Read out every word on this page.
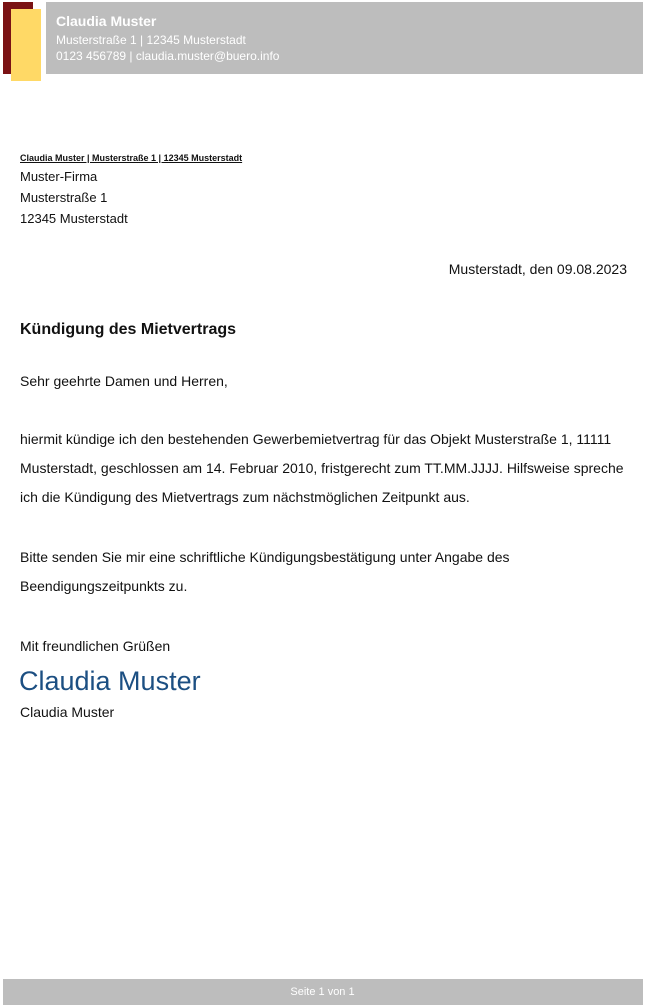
Claudia Muster
Musterstraße 1 | 12345 Musterstadt
0123 456789 | claudia.muster@buero.info
Claudia Muster | Musterstraße 1 | 12345 Musterstadt
Muster-Firma
Musterstraße 1
12345 Musterstadt
Musterstadt, den 09.08.2023
Kündigung des Mietvertrags
Sehr geehrte Damen und Herren,
hiermit kündige ich den bestehenden Gewerbemietvertrag für das Objekt Musterstraße 1, 11111 Musterstadt, geschlossen am 14. Februar 2010, fristgerecht zum TT.MM.JJJJ. Hilfsweise spreche ich die Kündigung des Mietvertrags zum nächstmöglichen Zeitpunkt aus.
Bitte senden Sie mir eine schriftliche Kündigungsbestätigung unter Angabe des Beendigungszeitpunkts zu.
Mit freundlichen Grüßen
Claudia Muster
Claudia Muster
Seite 1 von 1
